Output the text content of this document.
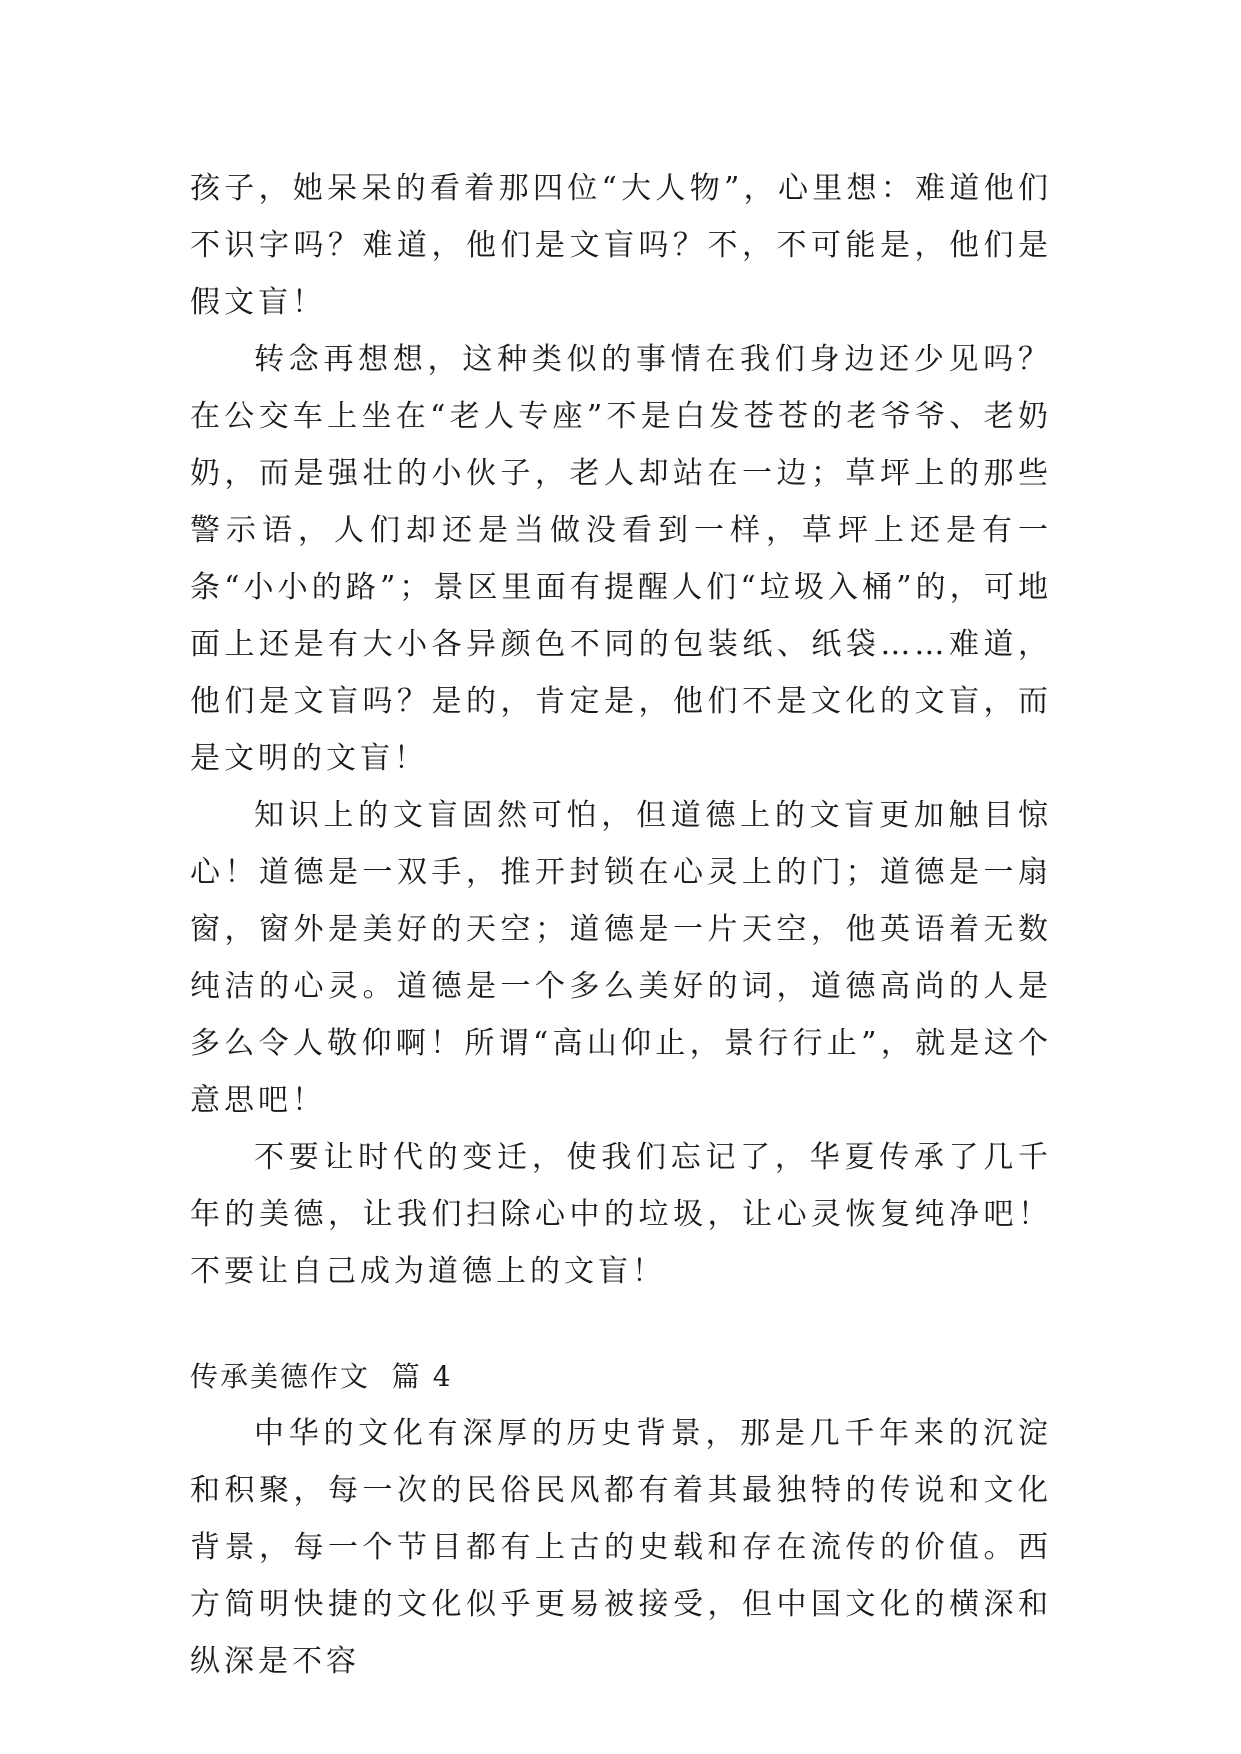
孩子，她呆呆的看着那四位“大人物”，心里想：难道他们不识字吗？难道，他们是文盲吗？不，不可能是，他们是假文盲！

转念再想想，这种类似的事情在我们身边还少见吗？在公交车上坐在“老人专座”不是白发苍苍的老爷爷、老奶奶，而是强壮的小伙子，老人却站在一边；草坪上的那些警示语，人们却还是当做没看到一样，草坪上还是有一条“小小的路”；景区里面有提醒人们“垃圾入桶”的，可地面上还是有大小各异颜色不同的包装纸、纸袋……难道，他们是文盲吗？是的，肯定是，他们不是文化的文盲，而是文明的文盲！

知识上的文盲固然可怕，但道德上的文盲更加触目惊心！道德是一双手，推开封锁在心灵上的门；道德是一扇窗，窗外是美好的天空；道德是一片天空，他英语着无数纯洁的心灵。道德是一个多么美好的词，道德高尚的人是多么令人敬仰啊！所谓“高山仰止，景行行止”，就是这个意思吧！

不要让时代的变迁，使我们忘记了，华夏传承了几千年的美德，让我们扫除心中的垃圾，让心灵恢复纯净吧！不要让自己成为道德上的文盲！

传承美德作文  篇 4

中华的文化有深厚的历史背景，那是几千年来的沉淀和积聚，每一次的民俗民风都有着其最独特的传说和文化背景，每一个节目都有上古的史载和存在流传的价值。西方简明快捷的文化似乎更易被接受，但中国文化的横深和纵深是不容
